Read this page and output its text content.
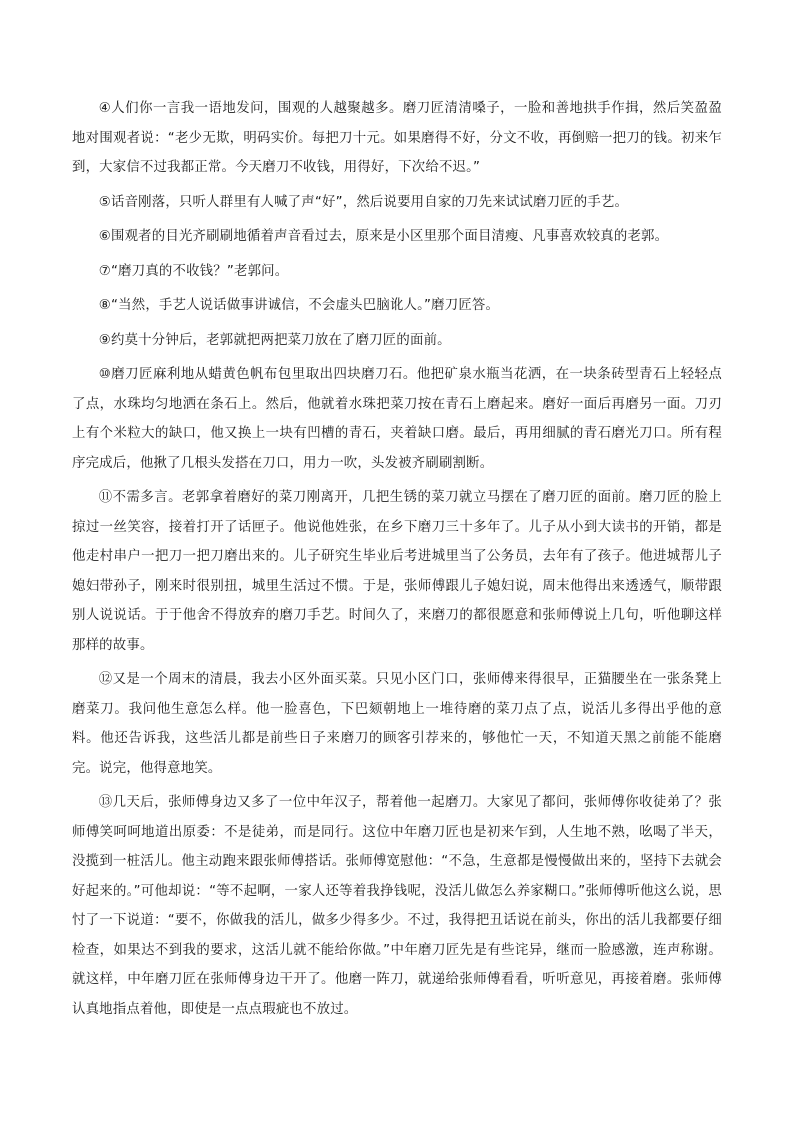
④人们你一言我一语地发问，围观的人越聚越多。磨刀匠清清嗓子，一脸和善地拱手作揖，然后笑盈盈地对围观者说：“老少无欺，明码实价。每把刀十元。如果磨得不好，分文不收，再倒赔一把刀的钱。初来乍到，大家信不过我都正常。今天磨刀不收钱，用得好，下次给不迟。”

⑤话音刚落，只听人群里有人喊了声“好”，然后说要用自家的刀先来试试磨刀匠的手艺。

⑥围观者的目光齐刷刷地循着声音看过去，原来是小区里那个面目清瘦、凡事喜欢较真的老郭。

⑦“磨刀真的不收钱？”老郭问。

⑧“当然，手艺人说话做事讲诚信，不会虚头巴脑讹人。”磨刀匠答。

⑨约莫十分钟后，老郭就把两把菜刀放在了磨刀匠的面前。

⑩磨刀匠麻利地从蜡黄色帆布包里取出四块磨刀石。他把矿泉水瓶当花洒，在一块条砖型青石上轻轻点了点，水珠均匀地洒在条石上。然后，他就着水珠把菜刀按在青石上磨起来。磨好一面后再磨另一面。刀刃上有个米粒大的缺口，他又换上一块有凹槽的青石，夹着缺口磨。最后，再用细腻的青石磨光刀口。所有程序完成后，他揪了几根头发搭在刀口，用力一吹，头发被齐刷刷割断。

⑪不需多言。老郭拿着磨好的菜刀刚离开，几把生锈的菜刀就立马摆在了磨刀匠的面前。磨刀匠的脸上掠过一丝笑容，接着打开了话匣子。他说他姓张，在乡下磨刀三十多年了。儿子从小到大读书的开销，都是他走村串户一把刀一把刀磨出来的。儿子研究生毕业后考进城里当了公务员，去年有了孩子。他进城帮儿子媳妇带孙子，刚来时很别扭，城里生活过不惯。于是，张师傅跟儿子媳妇说，周末他得出来透透气，顺带跟别人说说话。于于他舍不得放弃的磨刀手艺。时间久了，来磨刀的都很愿意和张师傅说上几句，听他聊这样那样的故事。

⑫又是一个周末的清晨，我去小区外面买菜。只见小区门口，张师傅来得很早，正猫腰坐在一张条凳上磨菜刀。我问他生意怎么样。他一脸喜色，下巴颏朝地上一堆待磨的菜刀点了点，说活儿多得出乎他的意料。他还告诉我，这些活儿都是前些日子来磨刀的顾客引荐来的，够他忙一天，不知道天黑之前能不能磨完。说完，他得意地笑。

⑬几天后，张师傅身边又多了一位中年汉子，帮着他一起磨刀。大家见了都问，张师傅你收徒弟了？张师傅笑呵呵地道出原委：不是徒弟，而是同行。这位中年磨刀匠也是初来乍到，人生地不熟，吆喝了半天，没揽到一桩活儿。他主动跑来跟张师傅搭话。张师傅宽慰他：“不急，生意都是慢慢做出来的，坚持下去就会好起来的。”可他却说：“等不起啊，一家人还等着我挣钱呢，没活儿做怎么养家糊口。”张师傅听他这么说，思忖了一下说道：“要不，你做我的活儿，做多少得多少。不过，我得把丑话说在前头，你出的活儿我都要仔细检查，如果达不到我的要求，这活儿就不能给你做。”中年磨刀匠先是有些诧异，继而一脸感激，连声称谢。就这样，中年磨刀匠在张师傅身边干开了。他磨一阵刀，就递给张师傅看看，听听意见，再接着磨。张师傅认真地指点着他，即使是一点点瑕疵也不放过。
